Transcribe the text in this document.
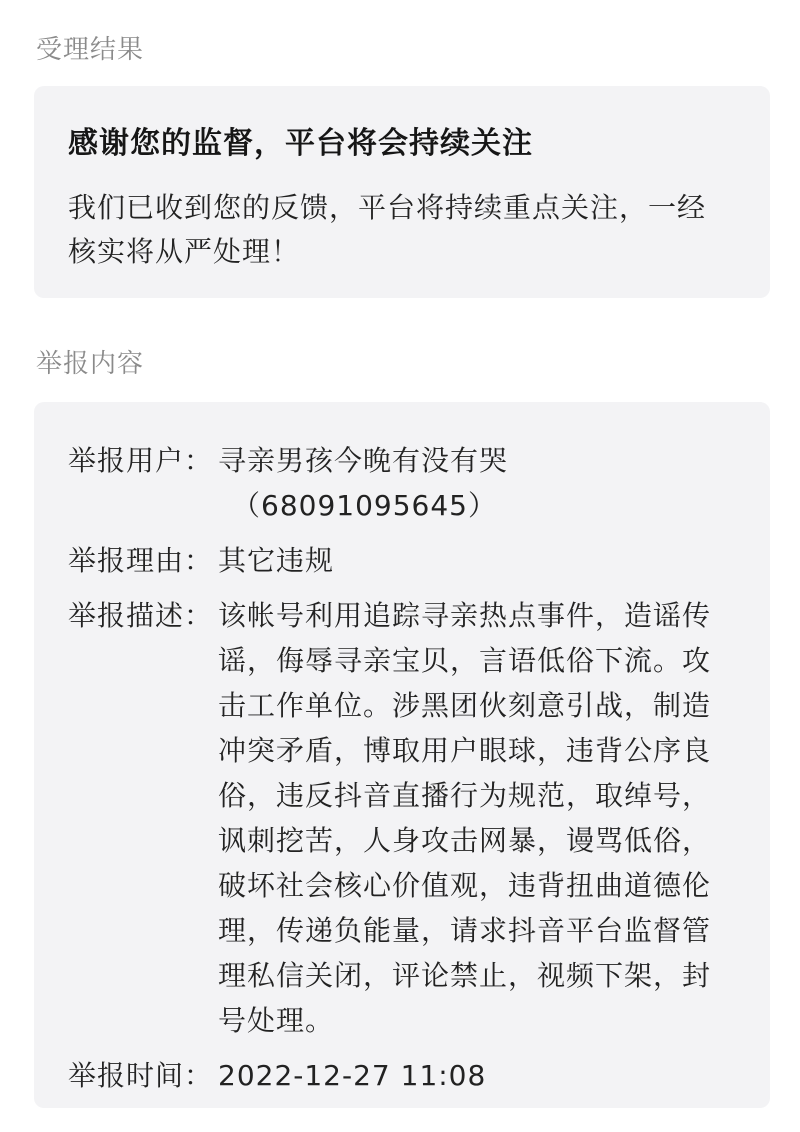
受理结果
感谢您的监督，平台将会持续关注
我们已收到您的反馈，平台将持续重点关注，一经核实将从严处理！
举报内容
举报用户： 寻亲男孩今晚有没有哭
（68091095645）
举报理由： 其它违规
举报描述： 该帐号利用追踪寻亲热点事件，造谣传谣，侮辱寻亲宝贝，言语低俗下流。攻击工作单位。涉黑团伙刻意引战，制造冲突矛盾，博取用户眼球，违背公序良俗，违反抖音直播行为规范，取绰号，讽刺挖苦，人身攻击网暴，谩骂低俗，破坏社会核心价值观，违背扭曲道德伦理，传递负能量，请求抖音平台监督管理私信关闭，评论禁止，视频下架，封号处理。
举报时间： 2022-12-27 11:08
